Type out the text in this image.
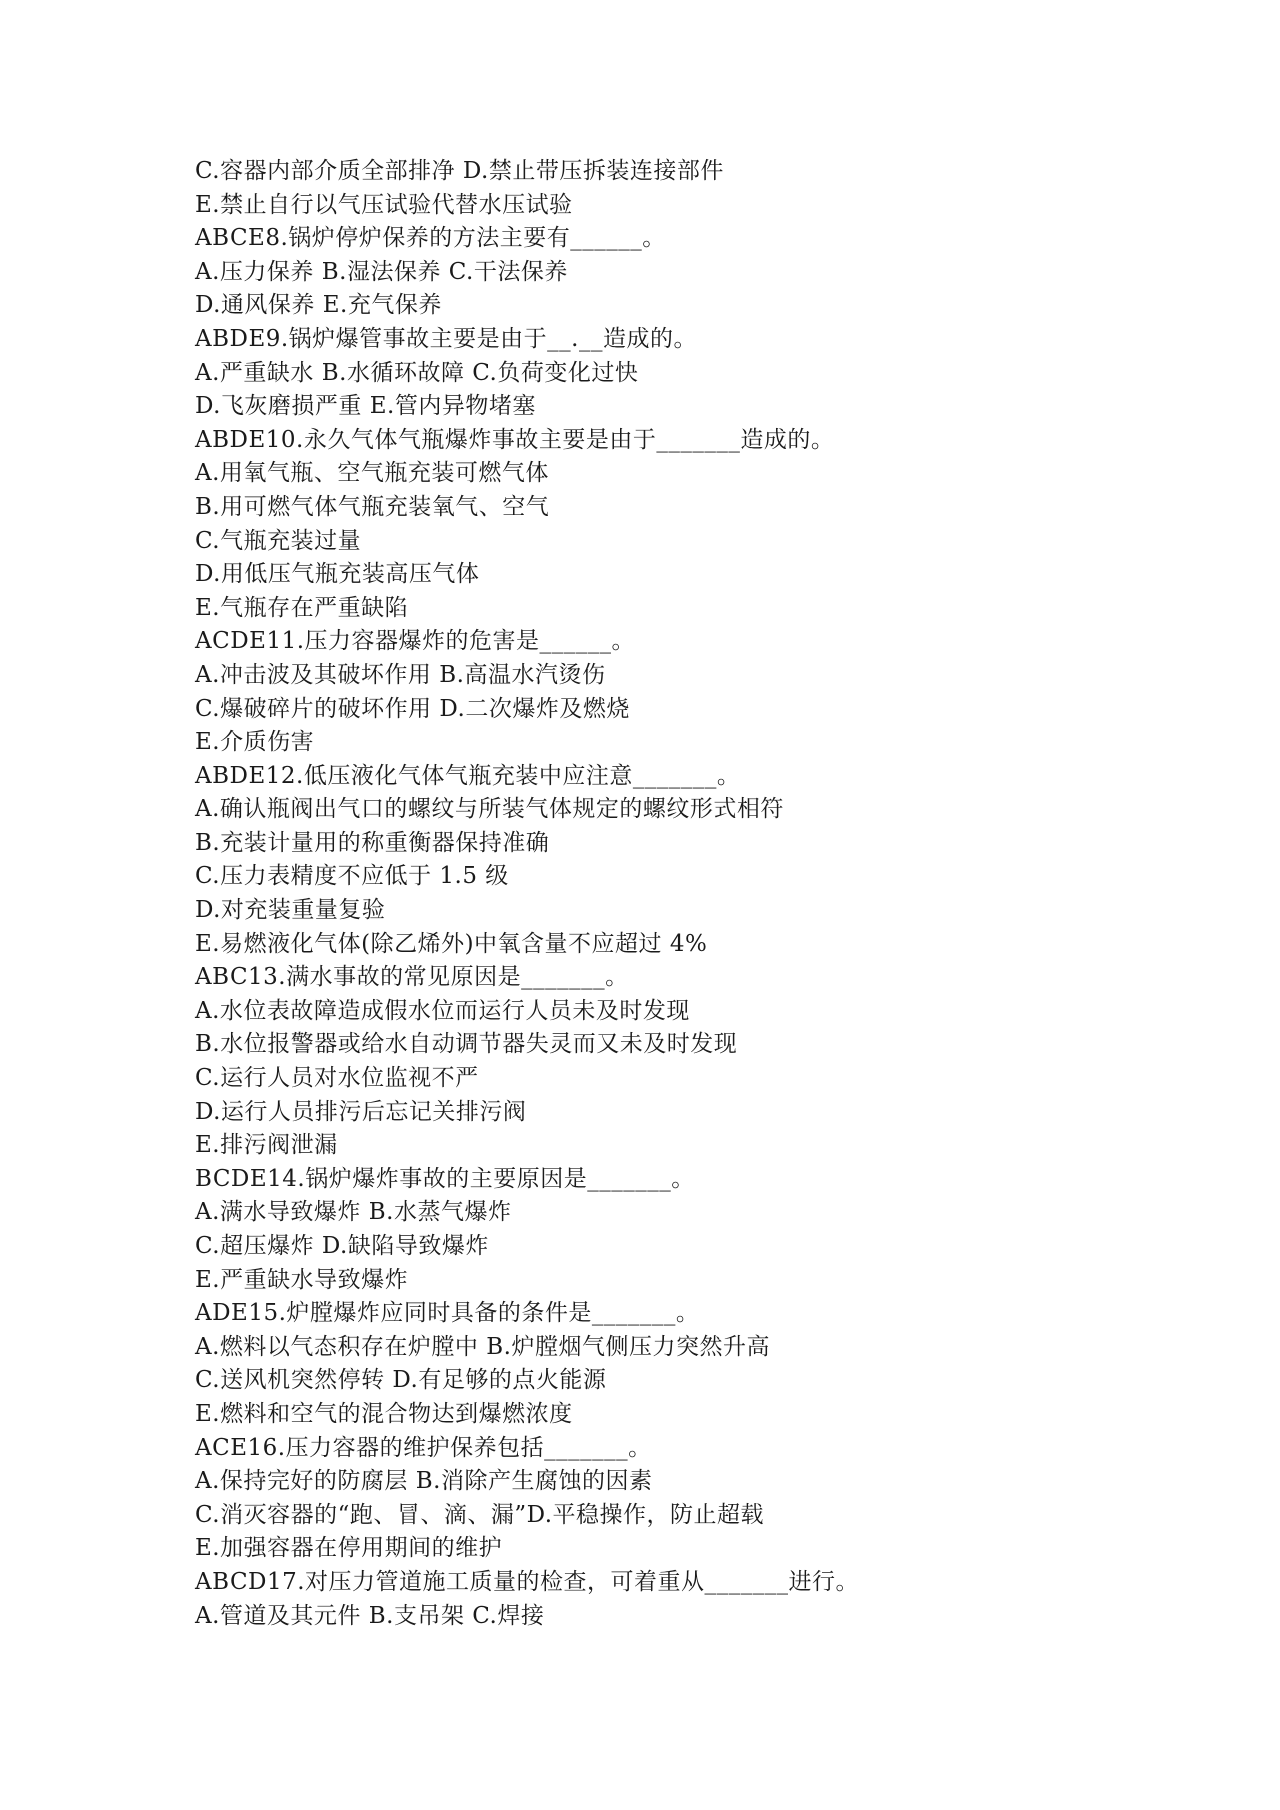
C.容器内部介质全部排净 D.禁止带压拆装连接部件
E.禁止自行以气压试验代替水压试验
ABCE8.锅炉停炉保养的方法主要有______。
A.压力保养 B.湿法保养 C.干法保养
D.通风保养 E.充气保养
ABDE9.锅炉爆管事故主要是由于__.__造成的。
A.严重缺水 B.水循环故障 C.负荷变化过快
D.飞灰磨损严重 E.管内异物堵塞
ABDE10.永久气体气瓶爆炸事故主要是由于_______造成的。
A.用氧气瓶、空气瓶充装可燃气体
B.用可燃气体气瓶充装氧气、空气
C.气瓶充装过量
D.用低压气瓶充装高压气体
E.气瓶存在严重缺陷
ACDE11.压力容器爆炸的危害是______。
A.冲击波及其破坏作用 B.高温水汽烫伤
C.爆破碎片的破坏作用 D.二次爆炸及燃烧
E.介质伤害
ABDE12.低压液化气体气瓶充装中应注意_______。
A.确认瓶阀出气口的螺纹与所装气体规定的螺纹形式相符
B.充装计量用的称重衡器保持准确
C.压力表精度不应低于 1.5 级
D.对充装重量复验
E.易燃液化气体(除乙烯外)中氧含量不应超过 4%
ABC13.满水事故的常见原因是_______。
A.水位表故障造成假水位而运行人员未及时发现
B.水位报警器或给水自动调节器失灵而又未及时发现
C.运行人员对水位监视不严
D.运行人员排污后忘记关排污阀
E.排污阀泄漏
BCDE14.锅炉爆炸事故的主要原因是_______。
A.满水导致爆炸 B.水蒸气爆炸
C.超压爆炸 D.缺陷导致爆炸
E.严重缺水导致爆炸
ADE15.炉膛爆炸应同时具备的条件是_______。
A.燃料以气态积存在炉膛中 B.炉膛烟气侧压力突然升高
C.送风机突然停转 D.有足够的点火能源
E.燃料和空气的混合物达到爆燃浓度
ACE16.压力容器的维护保养包括_______。
A.保持完好的防腐层 B.消除产生腐蚀的因素
C.消灭容器的“跑、冒、滴、漏”D.平稳操作，防止超载
E.加强容器在停用期间的维护
ABCD17.对压力管道施工质量的检查，可着重从_______进行。
A.管道及其元件 B.支吊架 C.焊接
